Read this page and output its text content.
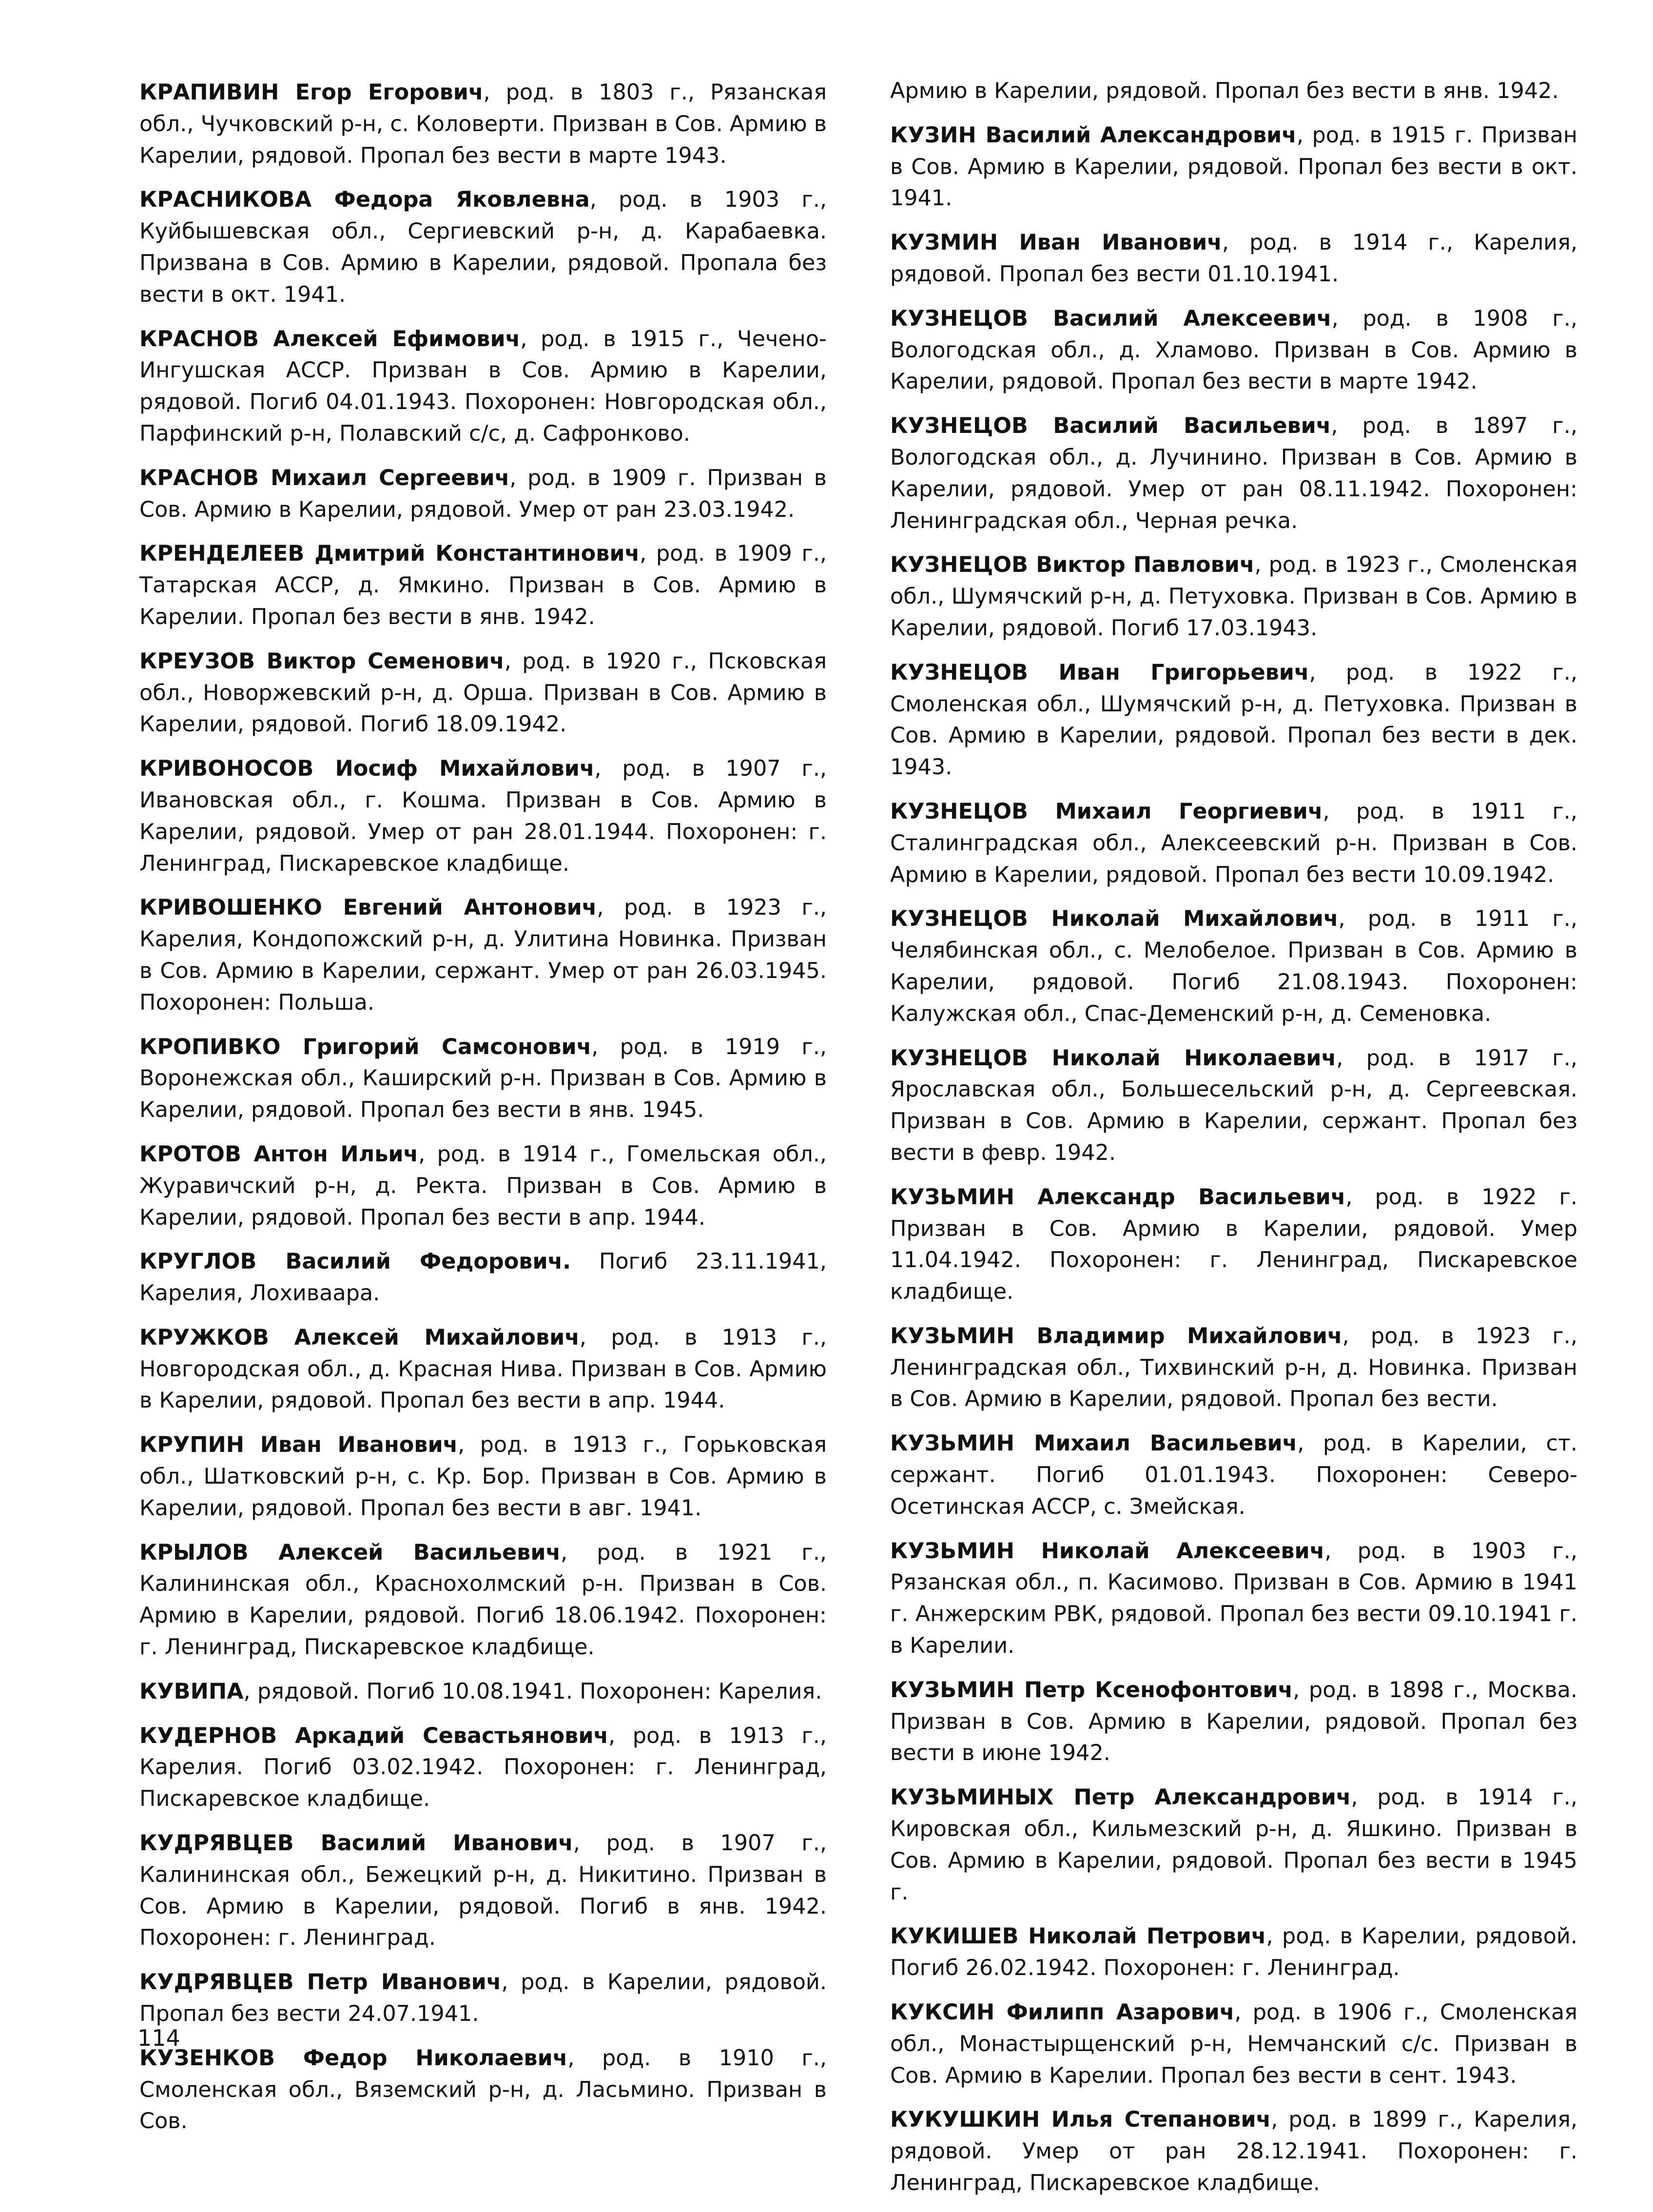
КРАПИВИН Егор Егорович, род. в 1803 г., Рязанская обл., Чучковский р-н, с. Коловерти. Призван в Сов. Армию в Карелии, рядовой. Пропал без вести в марте 1943.
КРАСНИКОВА Федора Яковлевна, род. в 1903 г., Куйбышевская обл., Сергиевский р-н, д. Карабаевка. Призвана в Сов. Армию в Карелии, рядовой. Пропала без вести в окт. 1941.
КРАСНОВ Алексей Ефимович, род. в 1915 г., Чечено-Ингушская АССР. Призван в Сов. Армию в Карелии, рядовой. Погиб 04.01.1943. Похоронен: Новгородская обл., Парфинский р-н, Полавский с/с, д. Сафронково.
КРАСНОВ Михаил Сергеевич, род. в 1909 г. Призван в Сов. Армию в Карелии, рядовой. Умер от ран 23.03.1942.
КРЕНДЕЛЕЕВ Дмитрий Константинович, род. в 1909 г., Татарская АССР, д. Ямкино. Призван в Сов. Армию в Карелии. Пропал без вести в янв. 1942.
КРЕУЗОВ Виктор Семенович, род. в 1920 г., Псковская обл., Новоржевский р-н, д. Орша. Призван в Сов. Армию в Карелии, рядовой. Погиб 18.09.1942.
КРИВОНОСОВ Иосиф Михайлович, род. в 1907 г., Ивановская обл., г. Кошма. Призван в Сов. Армию в Карелии, рядовой. Умер от ран 28.01.1944. Похоронен: г. Ленинград, Пискаревское кладбище.
КРИВОШЕНКО Евгений Антонович, род. в 1923 г., Карелия, Кондопожский р-н, д. Улитина Новинка. Призван в Сов. Армию в Карелии, сержант. Умер от ран 26.03.1945. Похоронен: Польша.
КРОПИВКО Григорий Самсонович, род. в 1919 г., Воронежская обл., Каширский р-н. Призван в Сов. Армию в Карелии, рядовой. Пропал без вести в янв. 1945.
КРОТОВ Антон Ильич, род. в 1914 г., Гомельская обл., Журавичский р-н, д. Ректа. Призван в Сов. Армию в Карелии, рядовой. Пропал без вести в апр. 1944.
КРУГЛОВ Василий Федорович. Погиб 23.11.1941, Карелия, Лохиваара.
КРУЖКОВ Алексей Михайлович, род. в 1913 г., Новгородская обл., д. Красная Нива. Призван в Сов. Армию в Карелии, рядовой. Пропал без вести в апр. 1944.
КРУПИН Иван Иванович, род. в 1913 г., Горьковская обл., Шатковский р-н, с. Кр. Бор. Призван в Сов. Армию в Карелии, рядовой. Пропал без вести в авг. 1941.
КРЫЛОВ Алексей Васильевич, род. в 1921 г., Калининская обл., Краснохолмский р-н. Призван в Сов. Армию в Карелии, рядовой. Погиб 18.06.1942. Похоронен: г. Ленинград, Пискаревское кладбище.
КУВИПА, рядовой. Погиб 10.08.1941. Похоронен: Карелия.
КУДЕРНОВ Аркадий Севастьянович, род. в 1913 г., Карелия. Погиб 03.02.1942. Похоронен: г. Ленинград, Пискаревское кладбище.
КУДРЯВЦЕВ Василий Иванович, род. в 1907 г., Калининская обл., Бежецкий р-н, д. Никитино. Призван в Сов. Армию в Карелии, рядовой. Погиб в янв. 1942. Похоронен: г. Ленинград.
КУДРЯВЦЕВ Петр Иванович, род. в Карелии, рядовой. Пропал без вести 24.07.1941.
КУЗЕНКОВ Федор Николаевич, род. в 1910 г., Смоленская обл., Вяземский р-н, д. Ласьмино. Призван в Сов.
Армию в Карелии, рядовой. Пропал без вести в янв. 1942.
КУЗИН Василий Александрович, род. в 1915 г. Призван в Сов. Армию в Карелии, рядовой. Пропал без вести в окт. 1941.
КУЗМИН Иван Иванович, род. в 1914 г., Карелия, рядовой. Пропал без вести 01.10.1941.
КУЗНЕЦОВ Василий Алексеевич, род. в 1908 г., Вологодская обл., д. Хламово. Призван в Сов. Армию в Карелии, рядовой. Пропал без вести в марте 1942.
КУЗНЕЦОВ Василий Васильевич, род. в 1897 г., Вологодская обл., д. Лучинино. Призван в Сов. Армию в Карелии, рядовой. Умер от ран 08.11.1942. Похоронен: Ленинградская обл., Черная речка.
КУЗНЕЦОВ Виктор Павлович, род. в 1923 г., Смоленская обл., Шумячский р-н, д. Петуховка. Призван в Сов. Армию в Карелии, рядовой. Погиб 17.03.1943.
КУЗНЕЦОВ Иван Григорьевич, род. в 1922 г., Смоленская обл., Шумячский р-н, д. Петуховка. Призван в Сов. Армию в Карелии, рядовой. Пропал без вести в дек. 1943.
КУЗНЕЦОВ Михаил Георгиевич, род. в 1911 г., Сталинградская обл., Алексеевский р-н. Призван в Сов. Армию в Карелии, рядовой. Пропал без вести 10.09.1942.
КУЗНЕЦОВ Николай Михайлович, род. в 1911 г., Челябинская обл., с. Мелобелое. Призван в Сов. Армию в Карелии, рядовой. Погиб 21.08.1943. Похоронен: Калужская обл., Спас-Деменский р-н, д. Семеновка.
КУЗНЕЦОВ Николай Николаевич, род. в 1917 г., Ярославская обл., Большесельский р-н, д. Сергеевская. Призван в Сов. Армию в Карелии, сержант. Пропал без вести в февр. 1942.
КУЗЬМИН Александр Васильевич, род. в 1922 г. Призван в Сов. Армию в Карелии, рядовой. Умер 11.04.1942. Похоронен: г. Ленинград, Пискаревское кладбище.
КУЗЬМИН Владимир Михайлович, род. в 1923 г., Ленинградская обл., Тихвинский р-н, д. Новинка. Призван в Сов. Армию в Карелии, рядовой. Пропал без вести.
КУЗЬМИН Михаил Васильевич, род. в Карелии, ст. сержант. Погиб 01.01.1943. Похоронен: Северо-Осетинская АССР, с. Змейская.
КУЗЬМИН Николай Алексеевич, род. в 1903 г., Рязанская обл., п. Касимово. Призван в Сов. Армию в 1941 г. Анжерским РВК, рядовой. Пропал без вести 09.10.1941 г. в Карелии.
КУЗЬМИН Петр Ксенофонтович, род. в 1898 г., Москва. Призван в Сов. Армию в Карелии, рядовой. Пропал без вести в июне 1942.
КУЗЬМИНЫХ Петр Александрович, род. в 1914 г., Кировская обл., Кильмезский р-н, д. Яшкино. Призван в Сов. Армию в Карелии, рядовой. Пропал без вести в 1945 г.
КУКИШЕВ Николай Петрович, род. в Карелии, рядовой. Погиб 26.02.1942. Похоронен: г. Ленинград.
КУКСИН Филипп Азарович, род. в 1906 г., Смоленская обл., Монастырщенский р-н, Немчанский с/с. Призван в Сов. Армию в Карелии. Пропал без вести в сент. 1943.
КУКУШКИН Илья Степанович, род. в 1899 г., Карелия, рядовой. Умер от ран 28.12.1941. Похоронен: г. Ленинград, Пискаревское кладбище.
114
